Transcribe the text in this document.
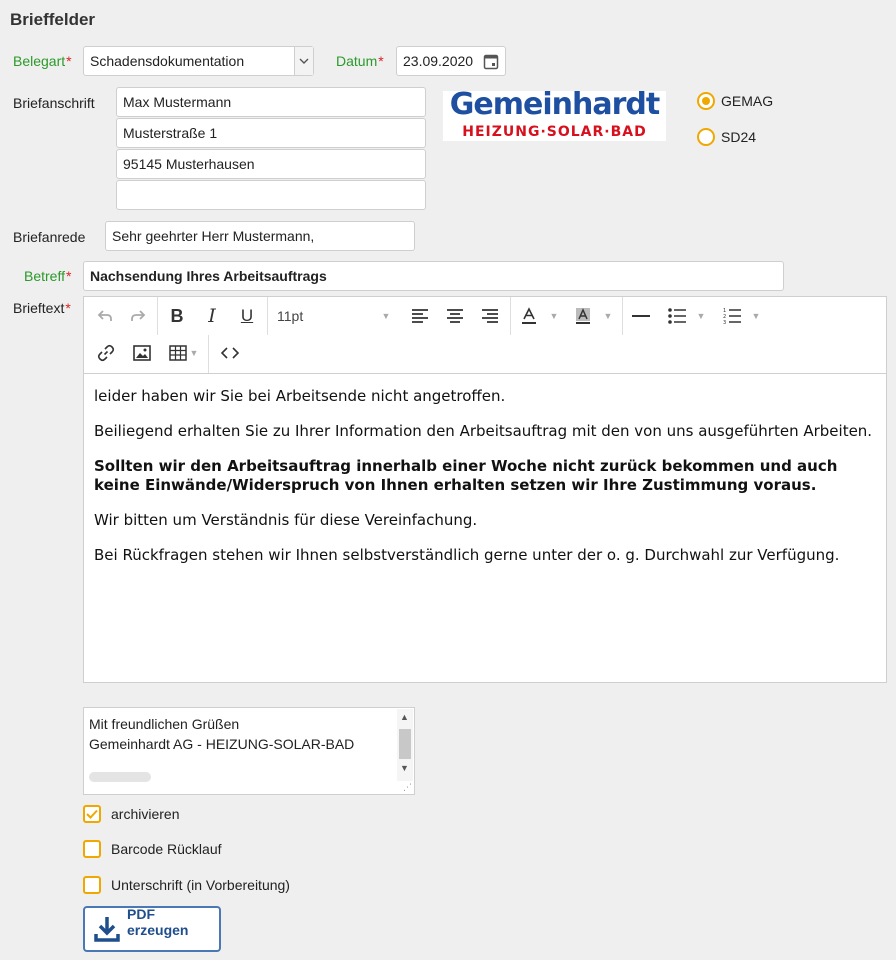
Brieffelder
Belegart* Schadensdokumentation	Datum* 23.09.2020
Briefanschrift Max Mustermann
Musterstraße 1
95145 Musterhausen
Gemeinhardt
HEIZUNG·SOLAR·BAD
GEMAG
SD24
Briefanrede Sehr geehrter Herr Mustermann,
Betreff* Nachsendung Ihres Arbeitsauftrags
Brieftext*	B	I	U	11pt	▼	▼	▼	▼	1
2
3
▼
▼

leider haben wir Sie bei Arbeitsende nicht angetroffen.

Beiliegend erhalten Sie zu Ihrer Information den Arbeitsauftrag mit den von uns ausgeführten Arbeiten.

Sollten wir den Arbeitsauftrag innerhalb einer Woche nicht zurück bekommen und auch keine Einwände/Widerspruch von Ihnen erhalten setzen wir Ihre Zustimmung voraus.

Wir bitten um Verständnis für diese Vereinfachung.

Bei Rückfragen stehen wir Ihnen selbstverständlich gerne unter der o. g. Durchwahl zur Verfügung.

Mit freundlichen Grüßen
Gemeinhardt AG - HEIZUNG-SOLAR-BAD
▲
▼
⋰
archivieren
Barcode Rücklauf
Unterschrift (in Vorbereitung)
PDF erzeugen
